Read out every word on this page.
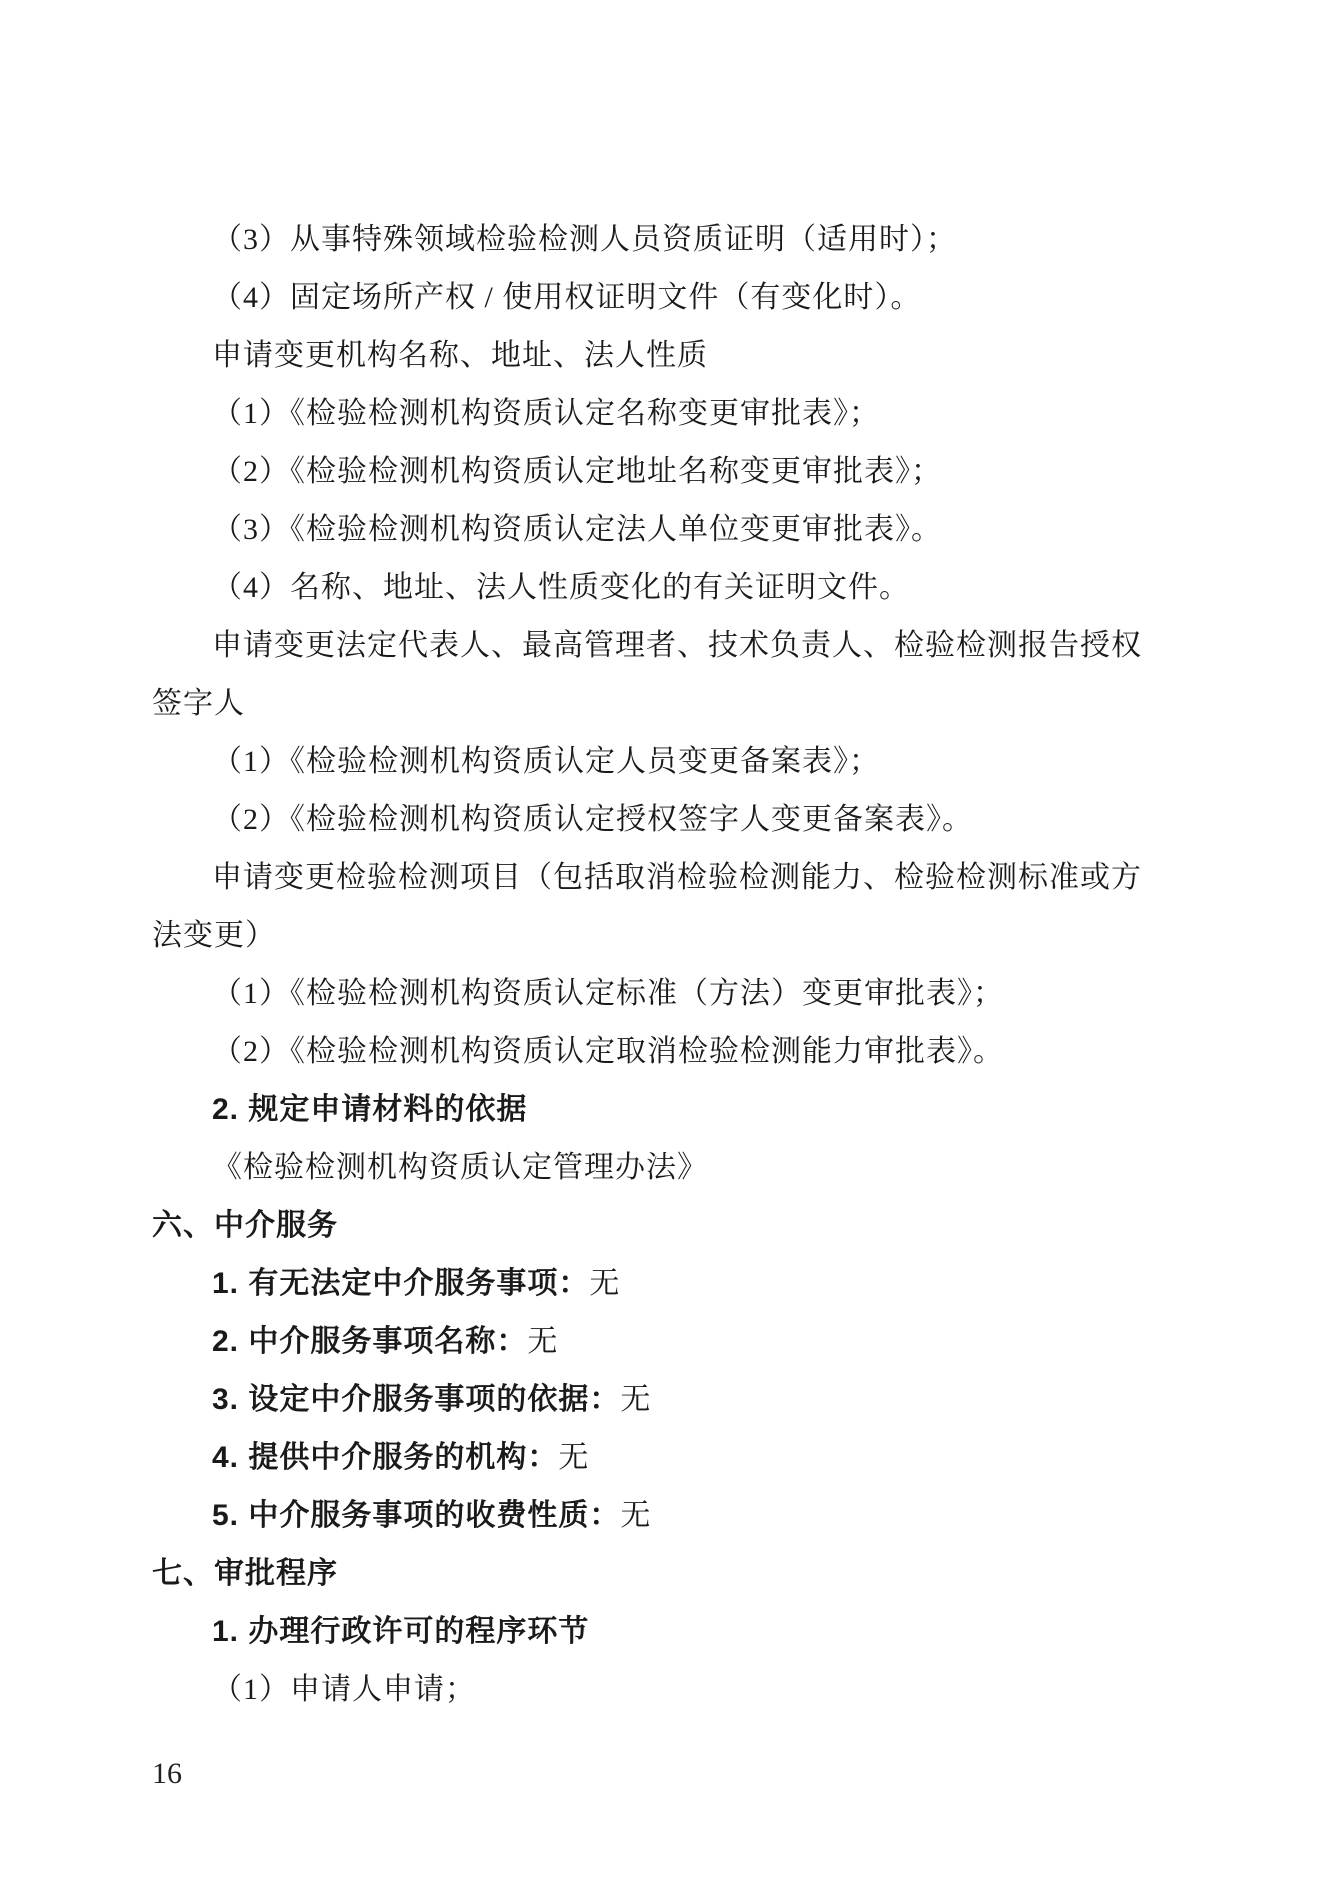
（3）从事特殊领域检验检测人员资质证明（适用时）；
（4）固定场所产权 / 使用权证明文件（有变化时）。
申请变更机构名称、地址、法人性质
（1）《检验检测机构资质认定名称变更审批表》；
（2）《检验检测机构资质认定地址名称变更审批表》；
（3）《检验检测机构资质认定法人单位变更审批表》。
（4）名称、地址、法人性质变化的有关证明文件。
申请变更法定代表人、最高管理者、技术负责人、检验检测报告授权
签字人
（1）《检验检测机构资质认定人员变更备案表》；
（2）《检验检测机构资质认定授权签字人变更备案表》。
申请变更检验检测项目（包括取消检验检测能力、检验检测标准或方
法变更）
（1）《检验检测机构资质认定标准（方法）变更审批表》；
（2）《检验检测机构资质认定取消检验检测能力审批表》。
2. 规定申请材料的依据
《检验检测机构资质认定管理办法》
六、中介服务
1. 有无法定中介服务事项：无
2. 中介服务事项名称：无
3. 设定中介服务事项的依据：无
4. 提供中介服务的机构：无
5. 中介服务事项的收费性质：无
七、审批程序
1. 办理行政许可的程序环节
（1）申请人申请；
16
